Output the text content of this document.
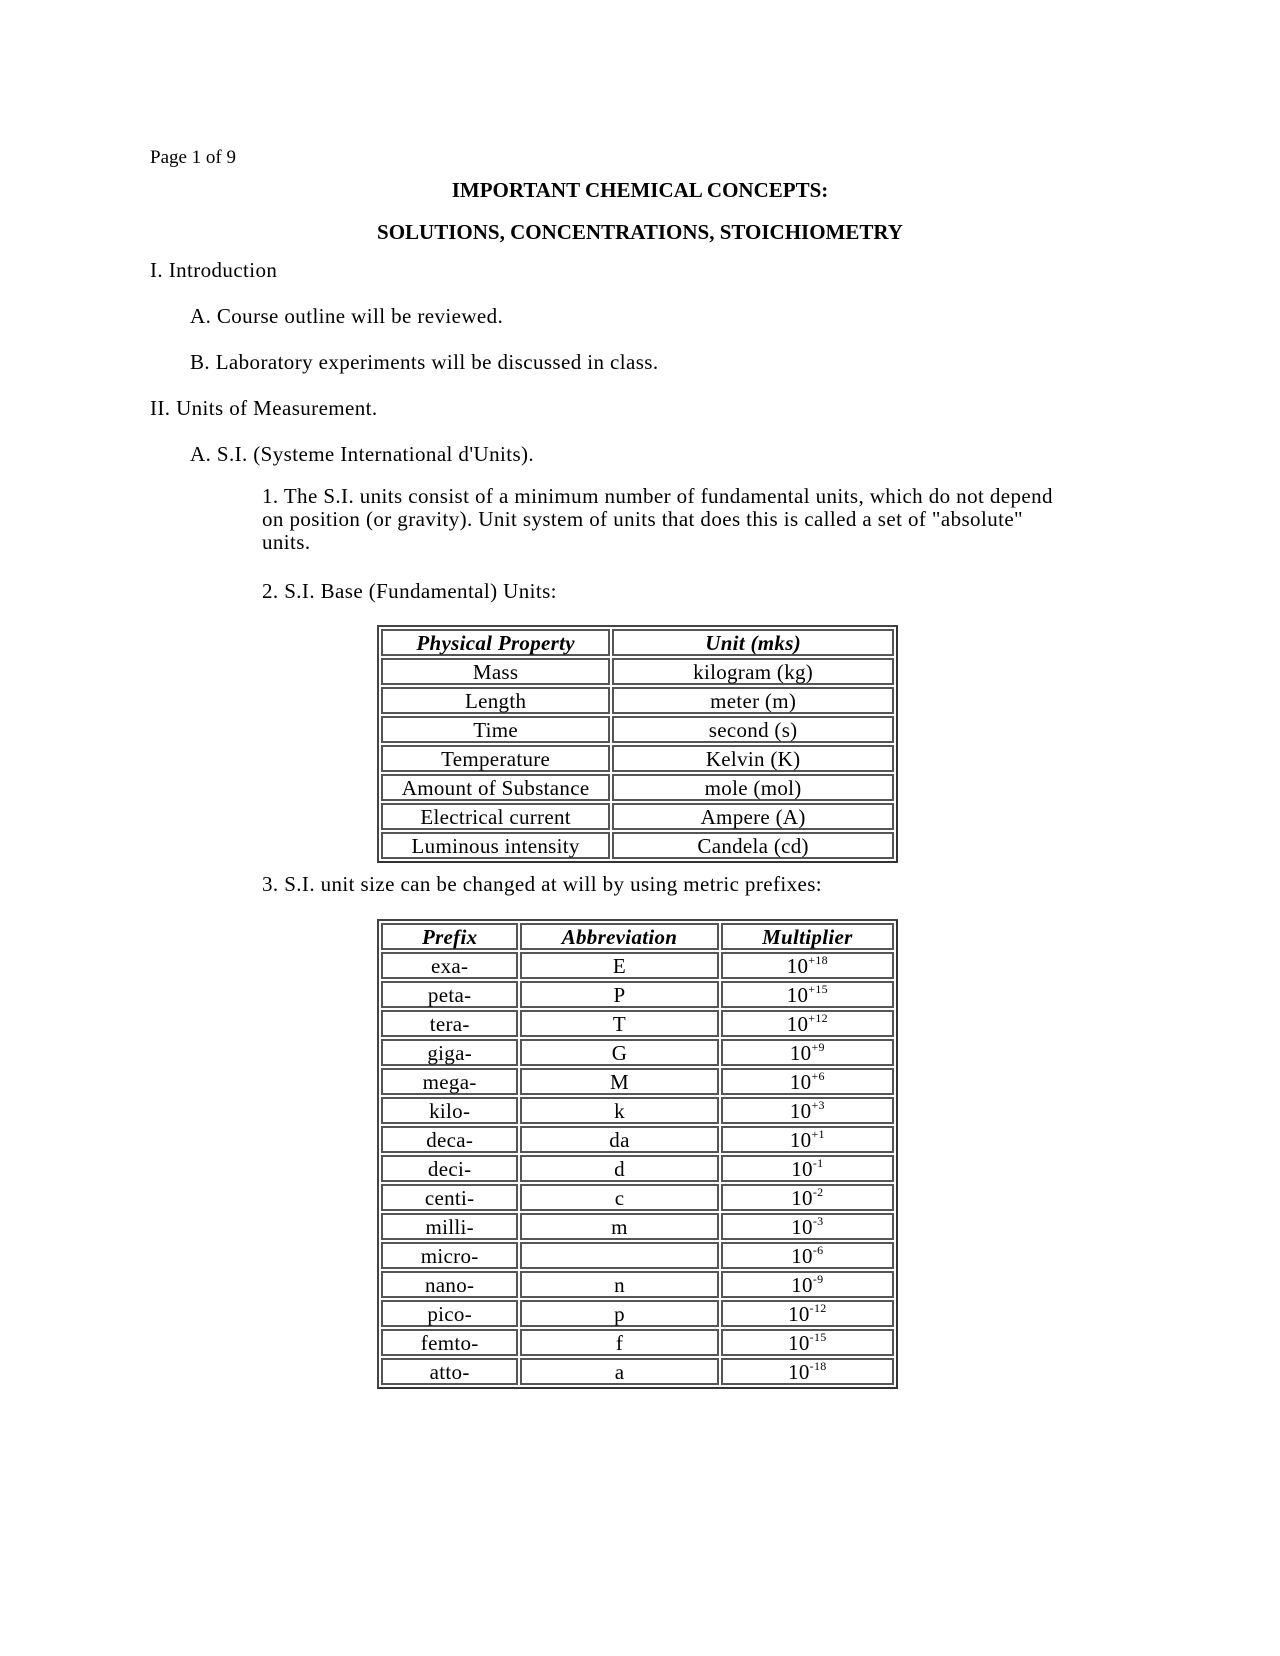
Page 1 of 9
IMPORTANT CHEMICAL CONCEPTS:
SOLUTIONS, CONCENTRATIONS, STOICHIOMETRY
I. Introduction
A. Course outline will be reviewed.
B. Laboratory experiments will be discussed in class.
II. Units of Measurement.
A. S.I. (Systeme International d'Units).
1. The S.I. units consist of a minimum number of fundamental units, which do not depend on position (or gravity). Unit system of units that does this is called a set of "absolute" units.
2. S.I. Base (Fundamental) Units:
Physical Property	Unit (mks)
Mass	kilogram (kg)
Length	meter (m)
Time	second (s)
Temperature	Kelvin (K)
Amount of Substance	mole (mol)
Electrical current	Ampere (A)
Luminous intensity	Candela (cd)
3. S.I. unit size can be changed at will by using metric prefixes:
Prefix	Abbreviation	Multiplier
exa-	E	$10^{+18}$
peta-	P	$10^{+15}$
tera-	T	$10^{+12}$
giga-	G	$10^{+9}$
mega-	M	$10^{+6}$
kilo-	k	$10^{+3}$
deca-	da	$10^{+1}$
deci-	d	$10^{-1}$
centi-	c	$10^{-2}$
milli-	m	$10^{-3}$
micro-		$10^{-6}$
nano-	n	$10^{-9}$
pico-	p	$10^{-12}$
femto-	f	$10^{-15}$
atto-	a	$10^{-18}$
